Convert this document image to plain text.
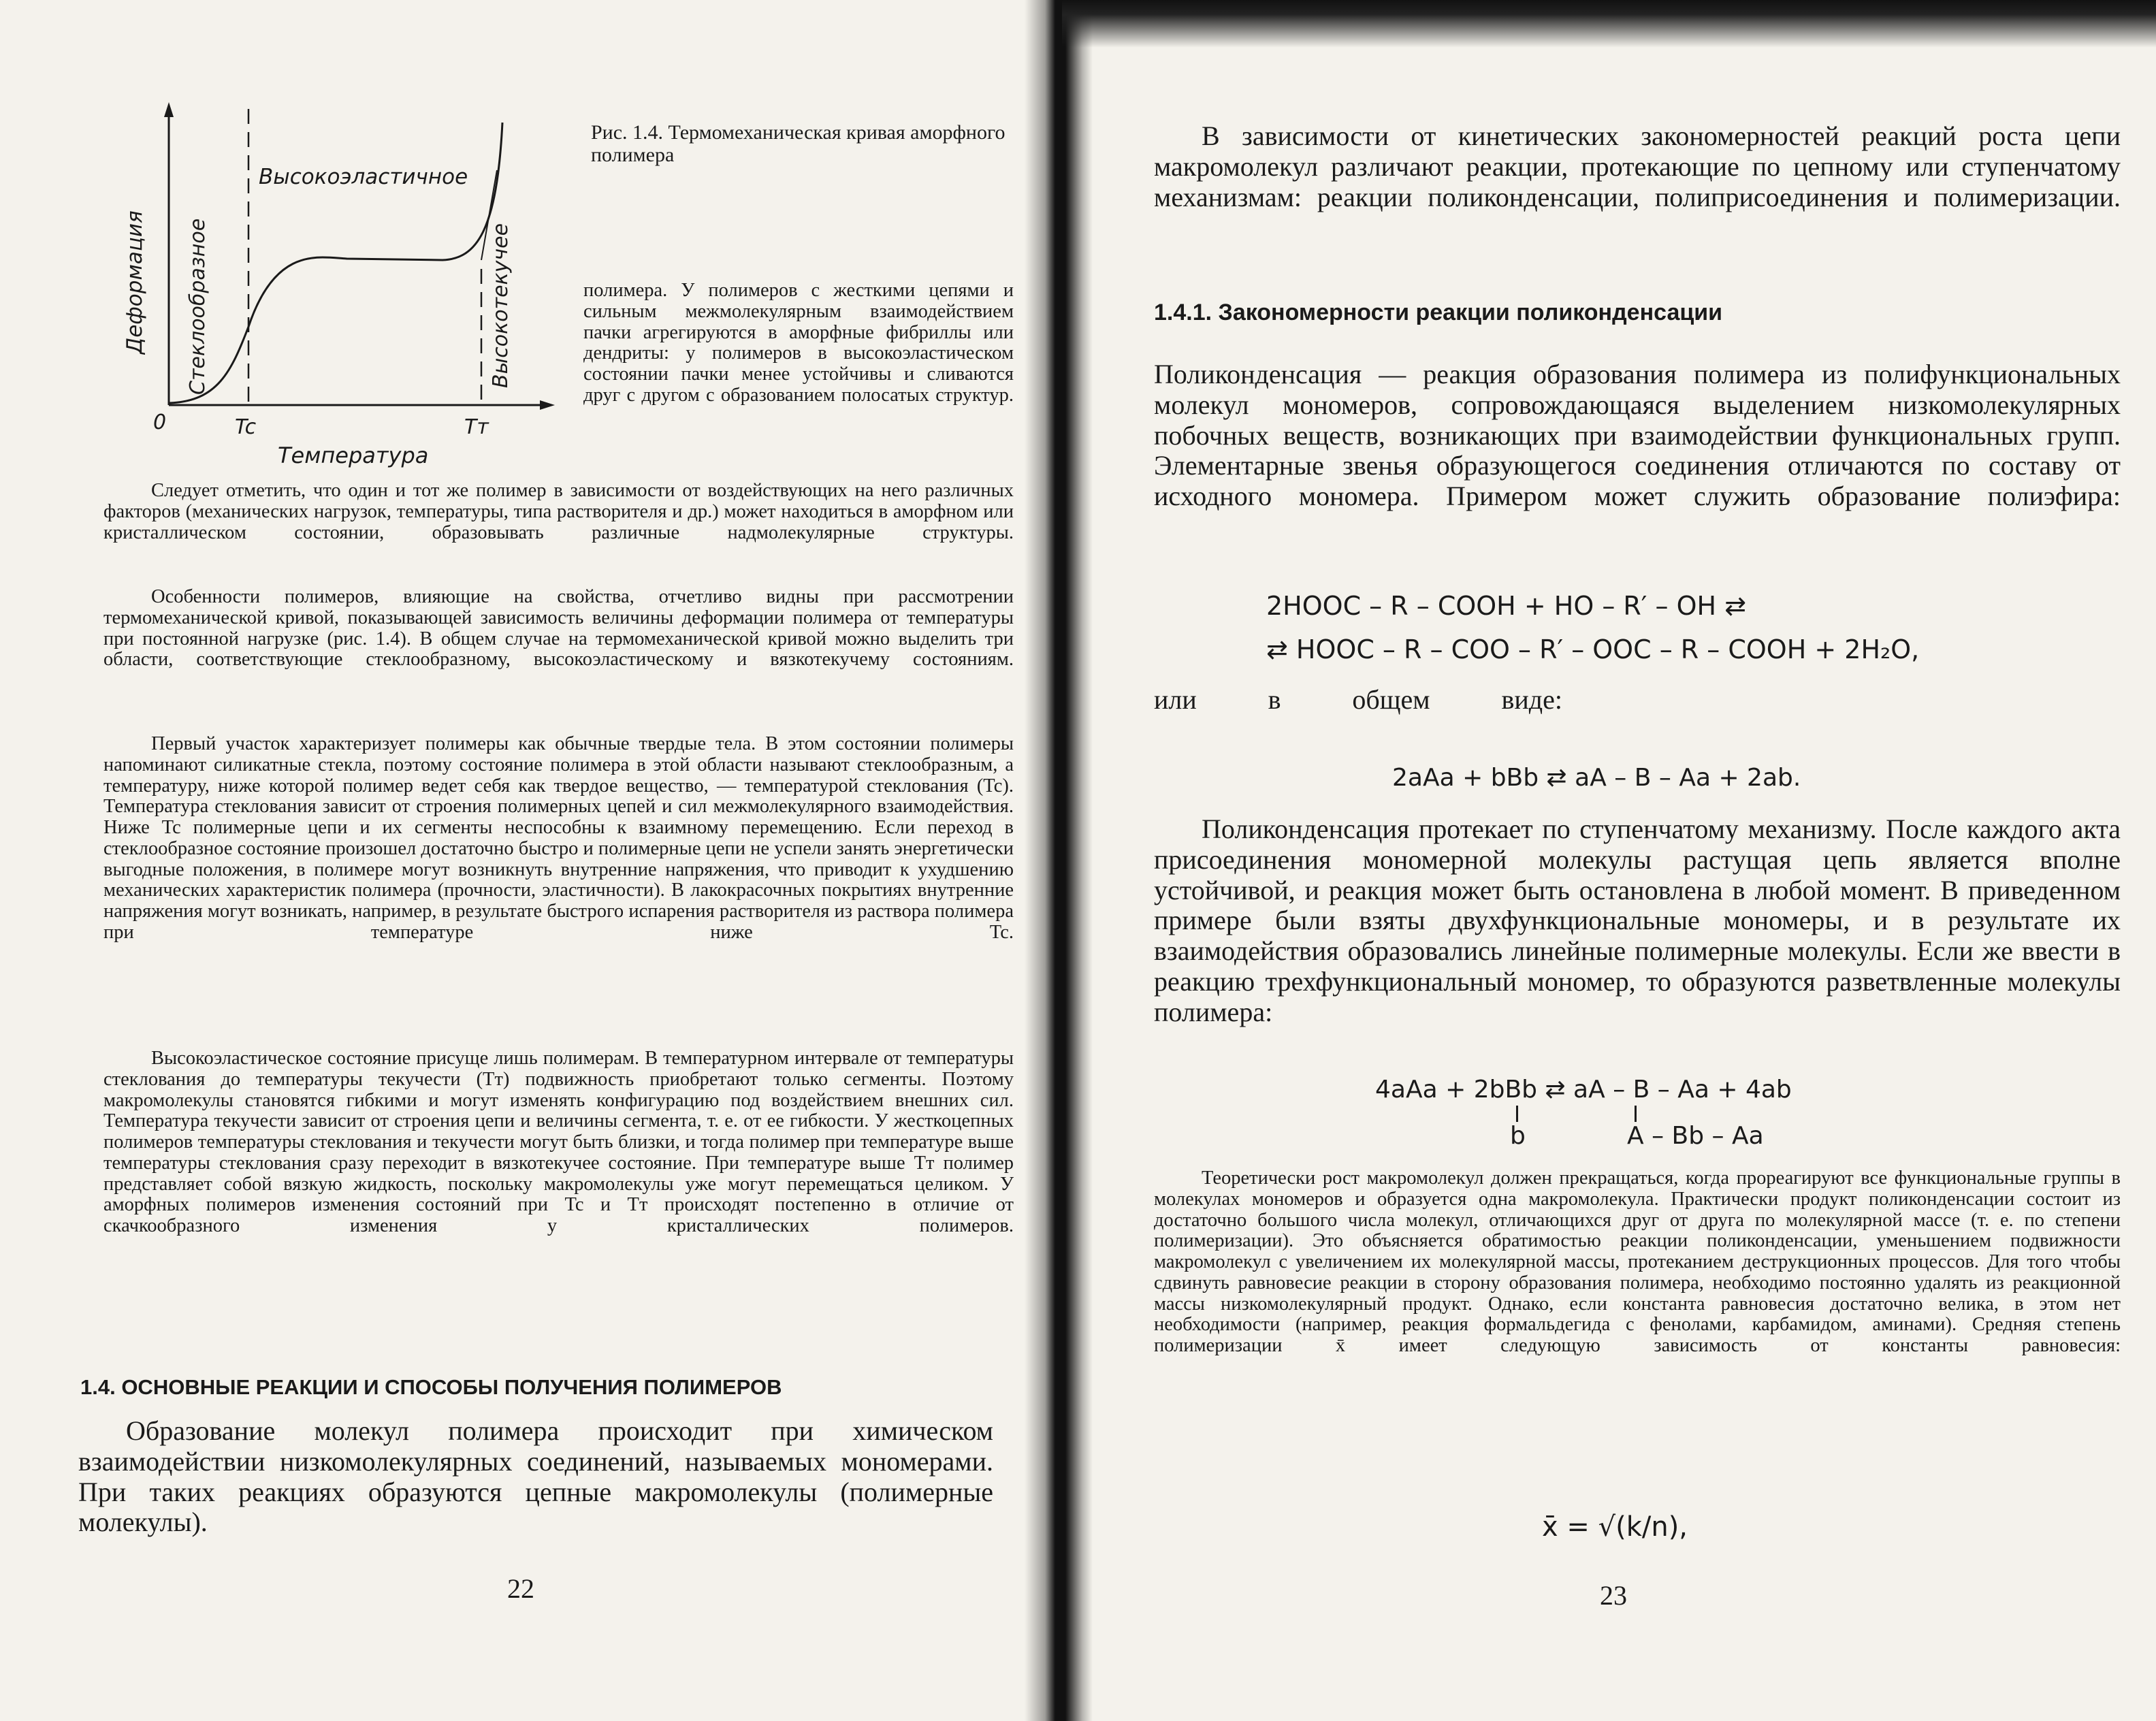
Стеклообразное
Высокоэластичное
Высокотекучее
Деформация
Температура
0	Tc	Tт

Рис. 1.4. Термомеханическая кривая аморфного полимера

полимера. У полимеров с жесткими цепями и сильным межмолекулярным взаимодействием пачки агрегируются в аморфные фибриллы или дендриты: у полимеров в высокоэластическом состоянии пачки менее устойчивы и сливаются друг с другом с образованием полосатых структур.

Следует отметить, что один и тот же полимер в зависимости от воздействующих на него различных факторов (механических нагрузок, температуры, типа растворителя и др.) может находиться в аморфном или кристаллическом состоянии, образовывать различные надмолекулярные структуры.

Особенности полимеров, влияющие на свойства, отчетливо видны при рассмотрении термомеханической кривой, показывающей зависимость величины деформации полимера от температуры при постоянной нагрузке (рис. 1.4). В общем случае на термомеханической кривой можно выделить три области, соответствующие стеклообразному, высокоэластическому и вязкотекучему состояниям.

Первый участок характеризует полимеры как обычные твердые тела. В этом состоянии полимеры напоминают силикатные стекла, поэтому состояние полимера в этой области называют стеклообразным, а температуру, ниже которой полимер ведет себя как твердое вещество, — температурой стеклования (Tc). Температура стеклования зависит от строения полимерных цепей и сил межмолекулярного взаимодействия. Ниже Tc полимерные цепи и их сегменты неспособны к взаимному перемещению. Если переход в стеклообразное состояние произошел достаточно быстро и полимерные цепи не успели занять энергетически выгодные положения, в полимере могут возникнуть внутренние напряжения, что приводит к ухудшению механических характеристик полимера (прочности, эластичности). В лакокрасочных покрытиях внутренние напряжения могут возникать, например, в результате быстрого испарения растворителя из раствора полимера при температуре ниже Tc.

Высокоэластическое состояние присуще лишь полимерам. В температурном интервале от температуры стеклования до температуры текучести (Tт) подвижность приобретают только сегменты. Поэтому макромолекулы становятся гибкими и могут изменять конфигурацию под воздействием внешних сил. Температура текучести зависит от строения цепи и величины сегмента, т. е. от ее гибкости. У жесткоцепных полимеров температуры стеклования и текучести могут быть близки, и тогда полимер при температуре выше температуры стеклования сразу переходит в вязкотекучее состояние. При температуре выше Tт полимер представляет собой вязкую жидкость, поскольку макромолекулы уже могут перемещаться целиком. У аморфных полимеров изменения состояний при Tc и Tт происходят постепенно в отличие от скачкообразного изменения у кристаллических полимеров.

1.4. ОСНОВНЫЕ РЕАКЦИИ И СПОСОБЫ ПОЛУЧЕНИЯ ПОЛИМЕРОВ

Образование молекул полимера происходит при химическом взаимодействии низкомолекулярных соединений, называемых мономерами. При таких реакциях образуются цепные макромолекулы (полимерные молекулы).

22

В зависимости от кинетических закономерностей реакций роста цепи макромолекул различают реакции, протекающие по цепному или ступенчатому механизмам: реакции поликонденсации, полиприсоединения и полимеризации.

1.4.1. Закономерности реакции поликонденсации

Поликонденсация — реакция образования полимера из полифункциональных молекул мономеров, сопровождающаяся выделением низкомолекулярных побочных веществ, возникающих при взаимодействии функциональных групп. Элементарные звенья образующегося соединения отличаются по составу от исходного мономера. Примером может служить образование полиэфира:

2HOOC – R – COOH + HO – R′ – OH ⇄

⇄ HOOC – R – COO – R′ – OOC – R – COOH + 2H₂O,

или в общем виде:

2aAa + bBb ⇄ aA – B – Aa + 2ab.

Поликонденсация протекает по ступенчатому механизму. После каждого акта присоединения мономерной молекулы растущая цепь является вполне устойчивой, и реакция может быть остановлена в любой момент. В приведенном примере были взяты двухфункциональные мономеры, и в результате их взаимодействия образовались линейные полимерные молекулы. Если же ввести в реакцию трехфункциональный мономер, то образуются разветвленные молекулы полимера:

4aAa + 2bBb ⇄ aA – B – Aa + 4ab

b	A – Bb – Aa

Теоретически рост макромолекул должен прекращаться, когда прореагируют все функциональные группы в молекулах мономеров и образуется одна макромолекула. Практически продукт поликонденсации состоит из достаточно большого числа молекул, отличающихся друг от друга по молекулярной массе (т. е. по степени полимеризации). Это объясняется обратимостью реакции поликонденсации, уменьшением подвижности макромолекул с увеличением их молекулярной массы, протеканием деструкционных процессов. Для того чтобы сдвинуть равновесие реакции в сторону образования полимера, необходимо постоянно удалять из реакционной массы низкомолекулярный продукт. Однако, если константа равновесия достаточно велика, в этом нет необходимости (например, реакция формальдегида с фенолами, карбамидом, аминами). Средняя степень полимеризации x̄ имеет следующую зависимость от константы равновесия:

x̄ = √(k/n),

23
